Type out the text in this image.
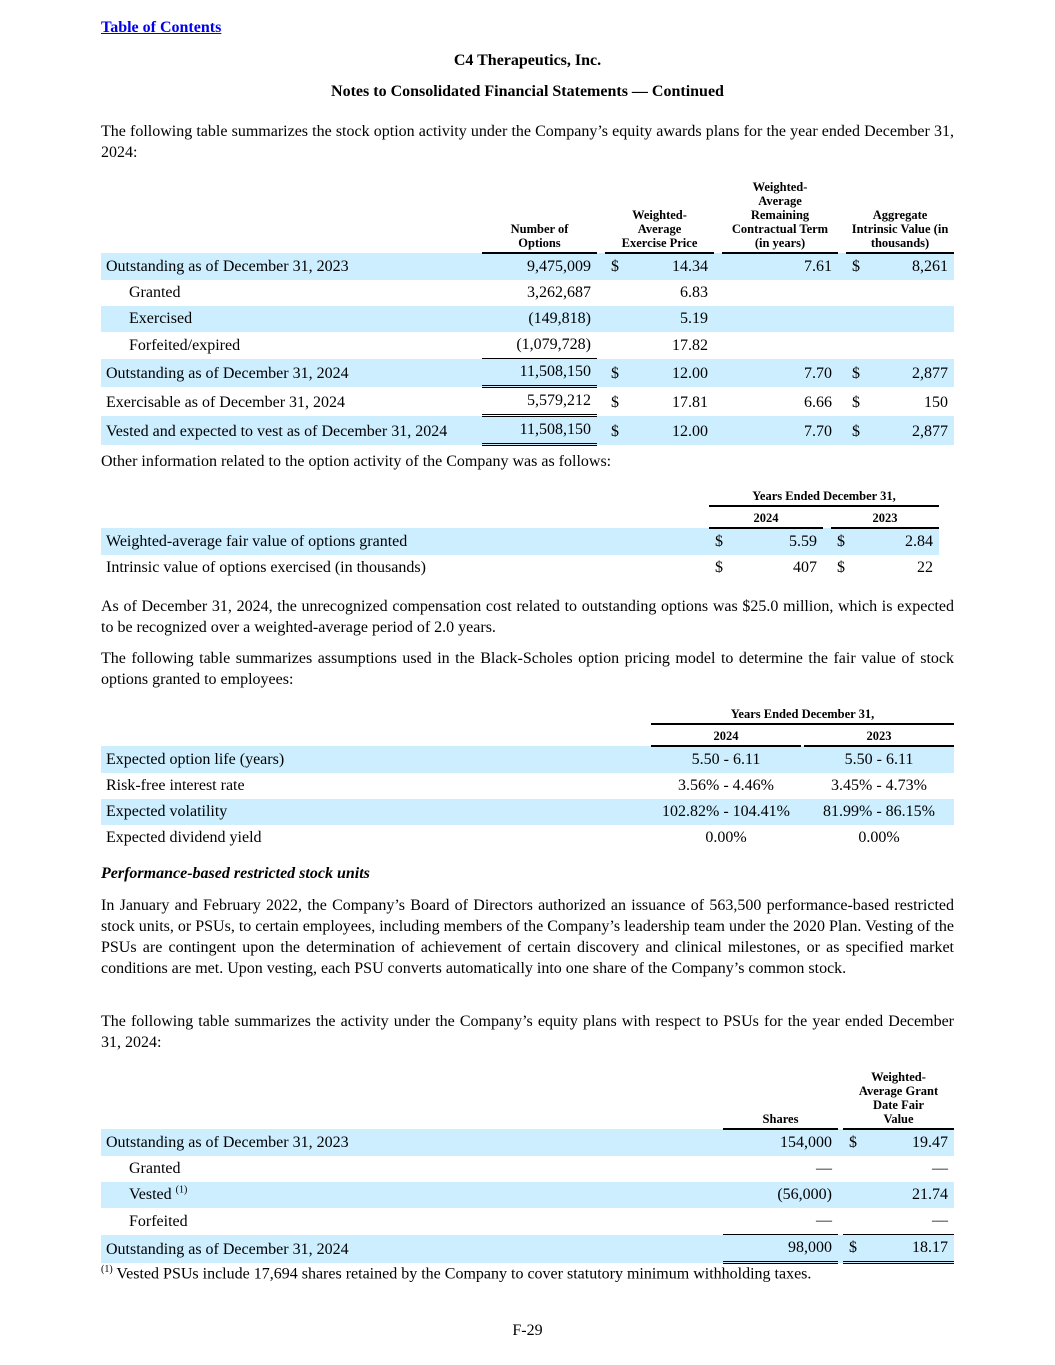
Table of Contents
C4 Therapeutics, Inc.
Notes to Consolidated Financial Statements — Continued
The following table summarizes the stock option activity under the Company’s equity awards plans for the year ended December 31, 2024:

	Number of Options		Weighted- Average Exercise Price		Weighted- Average Remaining Contractual Term (in years)		Aggregate Intrinsic Value (in thousands)

Outstanding as of December 31, 2023	9,475,009		$ 14.34		7.61		$ 8,261

Granted	3,262,687		6.83				

Exercised	(149,818)		5.19				

Forfeited/expired	(1,079,728)		17.82				

Outstanding as of December 31, 2024	11,508,150		$ 12.00		7.70		$ 2,877

Exercisable as of December 31, 2024	5,579,212		$ 17.81		6.66		$ 150

Vested and expected to vest as of December 31, 2024	11,508,150		$ 12.00		7.70		$ 2,877
Other information related to the option activity of the Company was as follows:
	Years Ended December 31,			
	2024		2023	
Weighted-average fair value of options granted	$ 5.59		$ 2.84	

Intrinsic value of options exercised (in thousands)	$ 407		$ 22	

As of December 31, 2024, the unrecognized compensation cost related to outstanding options was $25.0 million, which is expected to be recognized over a weighted-average period of 2.0 years.
The following table summarizes assumptions used in the Black-Scholes option pricing model to determine the fair value of stock options granted to employees:
	Years Ended December 31,		
	2024		2023
Expected option life (years)	5.50 - 6.11		5.50 - 6.11
Risk-free interest rate	3.56% - 4.46%		3.45% - 4.73%
Expected volatility	102.82% - 104.41%		81.99% - 86.15%
Expected dividend yield	0.00%		0.00%
Performance-based restricted stock units
In January and February 2022, the Company’s Board of Directors authorized an issuance of 563,500 performance-based restricted stock units, or PSUs, to certain employees, including members of the Company’s leadership team under the 2020 Plan. Vesting of the PSUs are contingent upon the determination of achievement of certain discovery and clinical milestones, or as specified market conditions are met. Upon vesting, each PSU converts automatically into one share of the Company’s common stock.
The following table summarizes the activity under the Company’s equity plans with respect to PSUs for the year ended December 31, 2024:
	Shares		Weighted- Average Grant Date Fair Value

Outstanding as of December 31, 2023	154,000		$ 19.47

Granted	—		—

Vested $^{(1)}$	(56,000)		21.74

Forfeited	—		—

Outstanding as of December 31, 2024	98,000		$ 18.17
$^{(1)}$ Vested PSUs include 17,694 shares retained by the Company to cover statutory minimum withholding taxes.
F-29
